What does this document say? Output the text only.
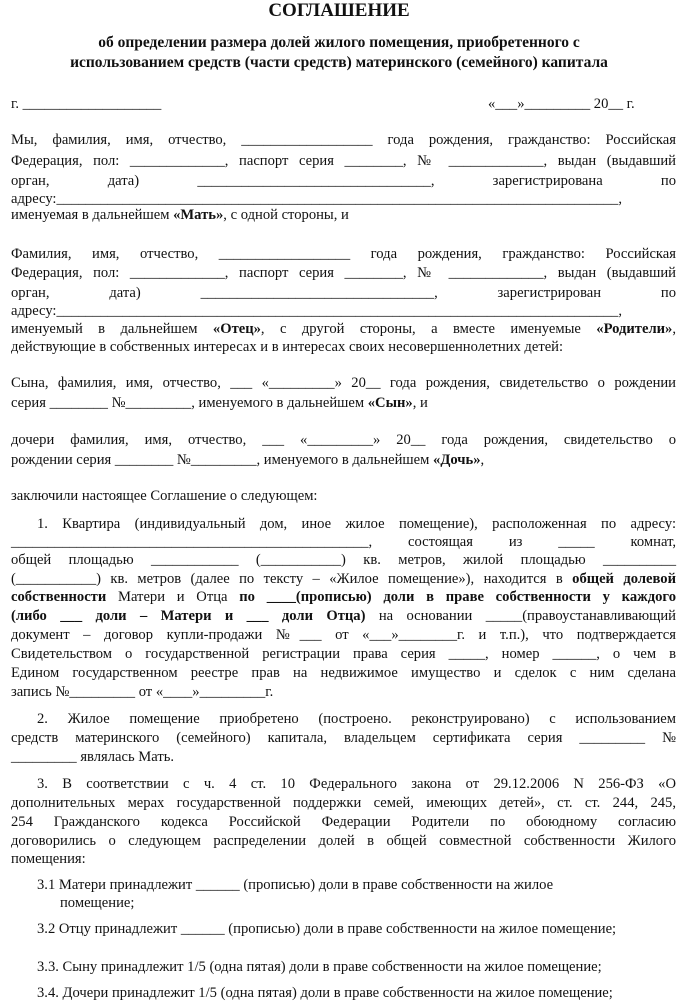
СОГЛАШЕНИЕ
об определении размера долей жилого помещения, приобретенного с
использованием средств (части средств) материнского (семейного) капитала
г. ___________________	«___»_________ 20__ г.
Мы, фамилия, имя, отчество, __________________ года рождения, гражданство: Российская
Федерация, пол: _____________, паспорт серия ________, № _____________, выдан (выдавший
орган, дата) ________________________________, зарегистрирована по
адресу:_____________________________________________________________________________,
именуемая в дальнейшем «Мать», с одной стороны, и
Фамилия, имя, отчество, __________________ года рождения, гражданство: Российская
Федерация, пол: _____________, паспорт серия ________, № _____________, выдан (выдавший
орган, дата) ________________________________, зарегистрирован по
адресу:_____________________________________________________________________________,
именуемый в дальнейшем «Отец», с другой стороны, а вместе именуемые «Родители»,
действующие в собственных интересах и в интересах своих несовершеннолетних детей:
Сына, фамилия, имя, отчество, ___ «_________» 20__ года рождения, свидетельство о рождении
серия ________ №_________, именуемого в дальнейшем «Сын», и
дочери фамилия, имя, отчество, ___ «_________» 20__ года рождения, свидетельство о
рождении серия ________ №_________, именуемого в дальнейшем «Дочь»,
заключили настоящее Соглашение о следующем:
1. Квартира (индивидуальный дом, иное жилое помещение), расположенная по адресу:
_________________________________________________, состоящая из _____ комнат,
общей площадью ____________ (___________) кв. метров, жилой площадью __________
(___________) кв. метров (далее по тексту – «Жилое помещение»), находится в общей долевой
собственности Матери и Отца по ____(прописью) доли в праве собственности у каждого
(либо ___ доли – Матери и ___ доли Отца) на основании _____(правоустанавливающий
документ – договор купли-продажи №___ от «___»________г. и т.п.), что подтверждается
Свидетельством о государственной регистрации права серия _____, номер ______, о чем в
Едином государственном реестре прав на недвижимое имущество и сделок с ним сделана
запись №_________ от «____»_________г.
2. Жилое помещение приобретено (построено. реконструировано) с использованием
средств материнского (семейного) капитала, владельцем сертификата серия _________ №
_________ являлась Мать.
3. В соответствии с ч. 4 ст. 10 Федерального закона от 29.12.2006 N 256-ФЗ «О
дополнительных мерах государственной поддержки семей, имеющих детей», ст. ст. 244, 245,
254 Гражданского кодекса Российской Федерации Родители по обоюдному согласию
договорились о следующем распределении долей в общей совместной собственности Жилого
помещения:
3.1 Матери принадлежит ______ (прописью) доли в праве собственности на жилое
помещение;
3.2 Отцу принадлежит ______ (прописью) доли в праве собственности на жилое помещение;
3.3. Сыну принадлежит 1/5 (одна пятая) доли в праве собственности на жилое помещение;
3.4. Дочери принадлежит 1/5 (одна пятая) доли в праве собственности на жилое помещение;
